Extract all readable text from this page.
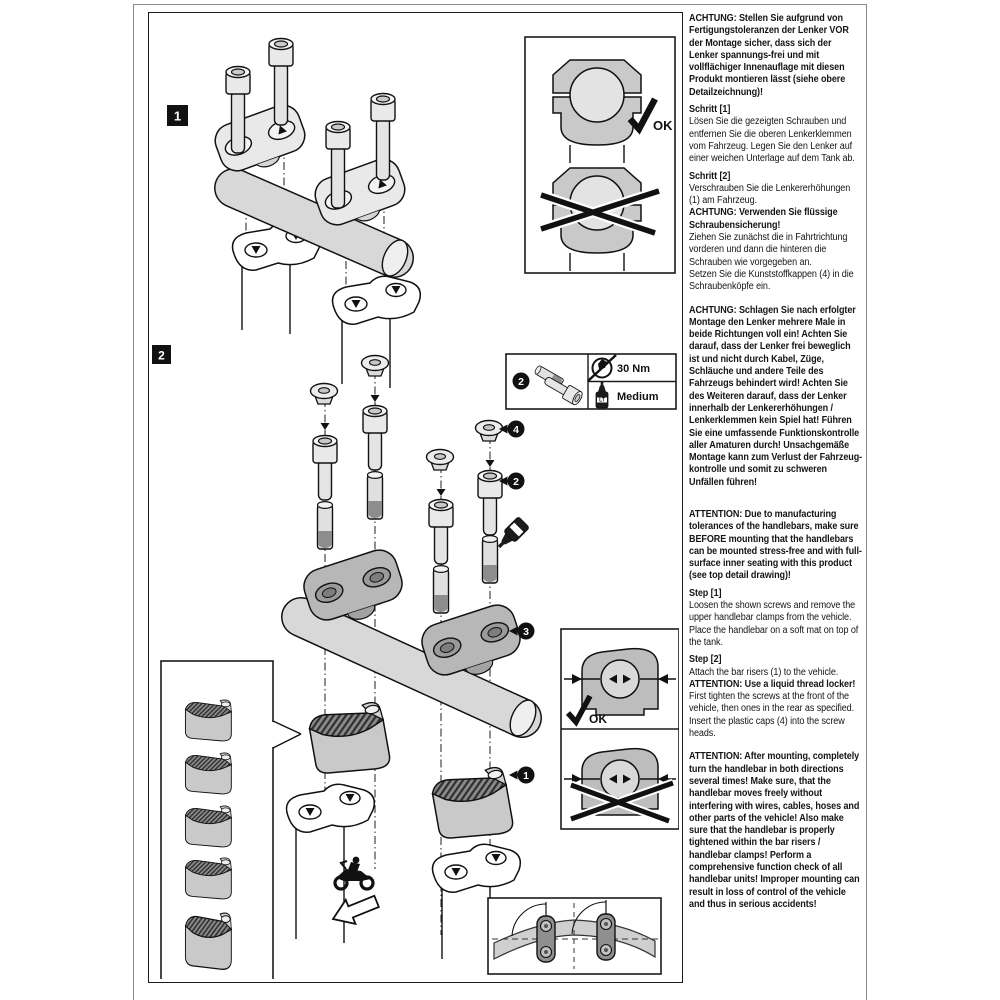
OK
2
30 Nm
LT Medium
OK
1
2
4
2
3
1

ACHTUNG: Stellen Sie aufgrund von Fertigungstoleranzen der Lenker VOR der Montage sicher, dass sich der Lenker spannungs-frei und mit vollflächiger Innenauflage mit diesen Produkt montieren lässt (siehe obere Detailzeichnung)!

Schritt [1]

Lösen Sie die gezeigten Schrauben und entfernen Sie die oberen Lenkerklemmen vom Fahrzeug. Legen Sie den Lenker auf einer weichen Unterlage auf dem Tank ab.

Schritt [2]

Verschrauben Sie die Lenkererhöhungen (1) am Fahrzeug.

ACHTUNG: Verwenden Sie flüssige Schraubensicherung!

Ziehen Sie zunächst die in Fahrtrichtung vorderen und dann die hinteren die Schrauben wie vorgegeben an.

Setzen Sie die Kunststoffkappen (4) in die Schraubenköpfe ein.

ACHTUNG: Schlagen Sie nach erfolgter Montage den Lenker mehrere Male in beide Richtungen voll ein! Achten Sie darauf, dass der Lenker frei beweglich ist und nicht durch Kabel, Züge, Schläuche und andere Teile des Fahrzeugs behindert wird! Achten Sie des Weiteren darauf, dass der Lenker innerhalb der Lenkererhöhungen / Lenkerklemmen kein Spiel hat! Führen Sie eine umfassende Funktionskontrolle aller Amaturen durch! Unsachgemäße Montage kann zum Verlust der Fahrzeug-kontrolle und somit zu schweren Unfällen führen!

ATTENTION: Due to manufacturing tolerances of the handlebars, make sure BEFORE mounting that the handlebars can be mounted stress-free and with full-surface inner seating with this product (see top detail drawing)!

Step [1]

Loosen the shown screws and remove the upper handlebar clamps from the vehicle. Place the handlebar on a soft mat on top of the tank.

Step [2]

Attach the bar risers (1) to the vehicle.

ATTENTION: Use a liquid thread locker!

First tighten the screws at the front of the vehicle, then ones in the rear as specified. Insert the plastic caps (4) into the screw heads.

ATTENTION: After mounting, completely turn the handlebar in both directions several times! Make sure, that the handlebar moves freely without interfering with wires, cables, hoses and other parts of the vehicle! Also make sure that the handlebar is properly tightened within the bar risers / handlebar clamps! Perform a comprehensive function check of all handlebar units! Improper mounting can result in loss of control of the vehicle and thus in serious accidents!
